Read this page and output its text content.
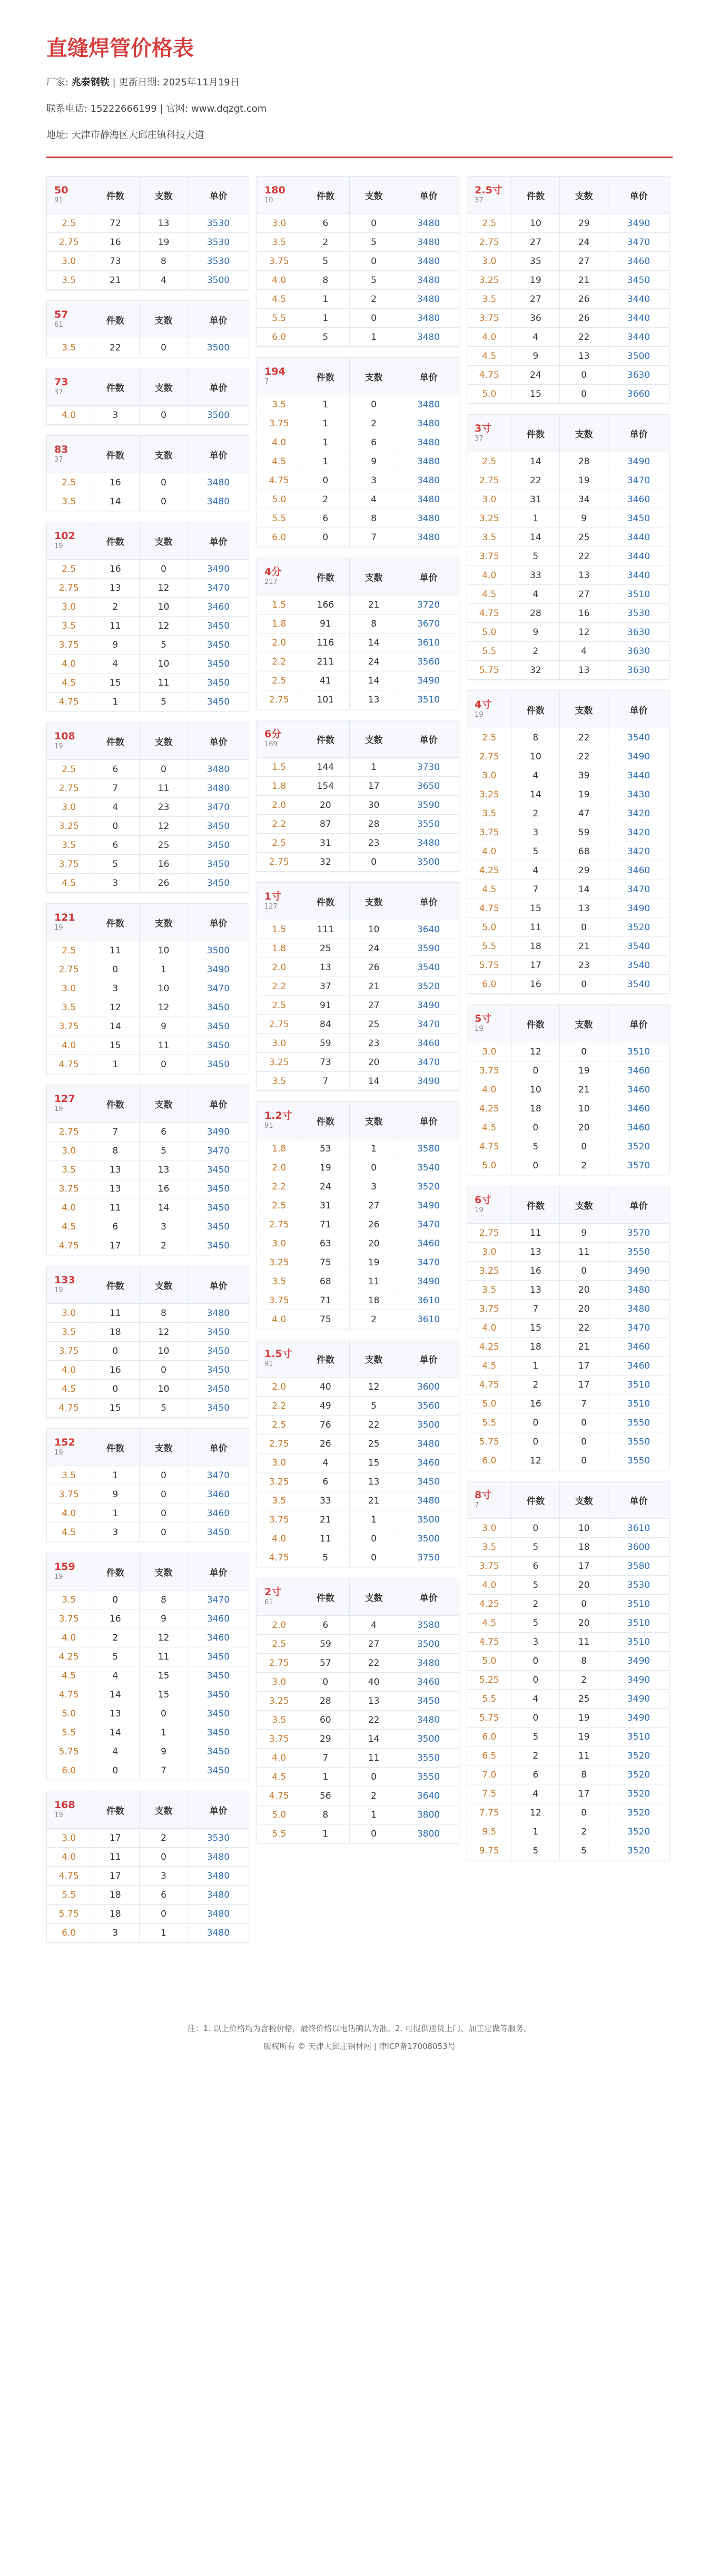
直缝焊管价格表
厂家: 兆泰钢铁 | 更新日期: 2025年11月19日
联系电话: 15222666199 | 官网: www.dqzgt.com
地址: 天津市静海区大邱庄镇科技大道
50
91	件数	支数	单价
2.5	72	13	3530
2.75	16	19	3530
3.0	73	8	3530
3.5	21	4	3500
57
61	件数	支数	单价
3.5	22	0	3500
73
37	件数	支数	单价
4.0	3	0	3500
83
37	件数	支数	单价
2.5	16	0	3480
3.5	14	0	3480
102
19	件数	支数	单价
2.5	16	0	3490
2.75	13	12	3470
3.0	2	10	3460
3.5	11	12	3450
3.75	9	5	3450
4.0	4	10	3450
4.5	15	11	3450
4.75	1	5	3450
108
19	件数	支数	单价
2.5	6	0	3480
2.75	7	11	3480
3.0	4	23	3470
3.25	0	12	3450
3.5	6	25	3450
3.75	5	16	3450
4.5	3	26	3450
121
19	件数	支数	单价
2.5	11	10	3500
2.75	0	1	3490
3.0	3	10	3470
3.5	12	12	3450
3.75	14	9	3450
4.0	15	11	3450
4.75	1	0	3450
127
19	件数	支数	单价
2.75	7	6	3490
3.0	8	5	3470
3.5	13	13	3450
3.75	13	16	3450
4.0	11	14	3450
4.5	6	3	3450
4.75	17	2	3450
133
19	件数	支数	单价
3.0	11	8	3480
3.5	18	12	3450
3.75	0	10	3450
4.0	16	0	3450
4.5	0	10	3450
4.75	15	5	3450
152
19	件数	支数	单价
3.5	1	0	3470
3.75	9	0	3460
4.0	1	0	3460
4.5	3	0	3450
159
19	件数	支数	单价
3.5	0	8	3470
3.75	16	9	3460
4.0	2	12	3460
4.25	5	11	3450
4.5	4	15	3450
4.75	14	15	3450
5.0	13	0	3450
5.5	14	1	3450
5.75	4	9	3450
6.0	0	7	3450
168
19	件数	支数	单价
3.0	17	2	3530
4.0	11	0	3480
4.75	17	3	3480
5.5	18	6	3480
5.75	18	0	3480
6.0	3	1	3480
180
10	件数	支数	单价
3.0	6	0	3480
3.5	2	5	3480
3.75	5	0	3480
4.0	8	5	3480
4.5	1	2	3480
5.5	1	0	3480
6.0	5	1	3480
194
7	件数	支数	单价
3.5	1	0	3480
3.75	1	2	3480
4.0	1	6	3480
4.5	1	9	3480
4.75	0	3	3480
5.0	2	4	3480
5.5	6	8	3480
6.0	0	7	3480
4分
217	件数	支数	单价
1.5	166	21	3720
1.8	91	8	3670
2.0	116	14	3610
2.2	211	24	3560
2.5	41	14	3490
2.75	101	13	3510
6分
169	件数	支数	单价
1.5	144	1	3730
1.8	154	17	3650
2.0	20	30	3590
2.2	87	28	3550
2.5	31	23	3480
2.75	32	0	3500
1寸
127	件数	支数	单价
1.5	111	10	3640
1.8	25	24	3590
2.0	13	26	3540
2.2	37	21	3520
2.5	91	27	3490
2.75	84	25	3470
3.0	59	23	3460
3.25	73	20	3470
3.5	7	14	3490
1.2寸
91	件数	支数	单价
1.8	53	1	3580
2.0	19	0	3540
2.2	24	3	3520
2.5	31	27	3490
2.75	71	26	3470
3.0	63	20	3460
3.25	75	19	3470
3.5	68	11	3490
3.75	71	18	3610
4.0	75	2	3610
1.5寸
91	件数	支数	单价
2.0	40	12	3600
2.2	49	5	3560
2.5	76	22	3500
2.75	26	25	3480
3.0	4	15	3460
3.25	6	13	3450
3.5	33	21	3480
3.75	21	1	3500
4.0	11	0	3500
4.75	5	0	3750
2寸
61	件数	支数	单价
2.0	6	4	3580
2.5	59	27	3500
2.75	57	22	3480
3.0	0	40	3460
3.25	28	13	3450
3.5	60	22	3480
3.75	29	14	3500
4.0	7	11	3550
4.5	1	0	3550
4.75	56	2	3640
5.0	8	1	3800
5.5	1	0	3800
2.5寸
37	件数	支数	单价
2.5	10	29	3490
2.75	27	24	3470
3.0	35	27	3460
3.25	19	21	3450
3.5	27	26	3440
3.75	36	26	3440
4.0	4	22	3440
4.5	9	13	3500
4.75	24	0	3630
5.0	15	0	3660
3寸
37	件数	支数	单价
2.5	14	28	3490
2.75	22	19	3470
3.0	31	34	3460
3.25	1	9	3450
3.5	14	25	3440
3.75	5	22	3440
4.0	33	13	3440
4.5	4	27	3510
4.75	28	16	3530
5.0	9	12	3630
5.5	2	4	3630
5.75	32	13	3630
4寸
19	件数	支数	单价
2.5	8	22	3540
2.75	10	22	3490
3.0	4	39	3440
3.25	14	19	3430
3.5	2	47	3420
3.75	3	59	3420
4.0	5	68	3420
4.25	4	29	3460
4.5	7	14	3470
4.75	15	13	3490
5.0	11	0	3520
5.5	18	21	3540
5.75	17	23	3540
6.0	16	0	3540
5寸
19	件数	支数	单价
3.0	12	0	3510
3.75	0	19	3460
4.0	10	21	3460
4.25	18	10	3460
4.5	0	20	3460
4.75	5	0	3520
5.0	0	2	3570
6寸
19	件数	支数	单价
2.75	11	9	3570
3.0	13	11	3550
3.25	16	0	3490
3.5	13	20	3480
3.75	7	20	3480
4.0	15	22	3470
4.25	18	21	3460
4.5	1	17	3460
4.75	2	17	3510
5.0	16	7	3510
5.5	0	0	3550
5.75	0	0	3550
6.0	12	0	3550
8寸
7	件数	支数	单价
3.0	0	10	3610
3.5	5	18	3600
3.75	6	17	3580
4.0	5	20	3530
4.25	2	0	3510
4.5	5	20	3510
4.75	3	11	3510
5.0	0	8	3490
5.25	0	2	3490
5.5	4	25	3490
5.75	0	19	3490
6.0	5	19	3510
6.5	2	11	3520
7.0	6	8	3520
7.5	4	17	3520
7.75	12	0	3520
9.5	1	2	3520
9.75	5	5	3520
注：1. 以上价格均为含税价格，最终价格以电话确认为准。2. 可提供送货上门、加工定做等服务。
版权所有 © 天津大邱庄钢材网 | 津ICP备17008053号
